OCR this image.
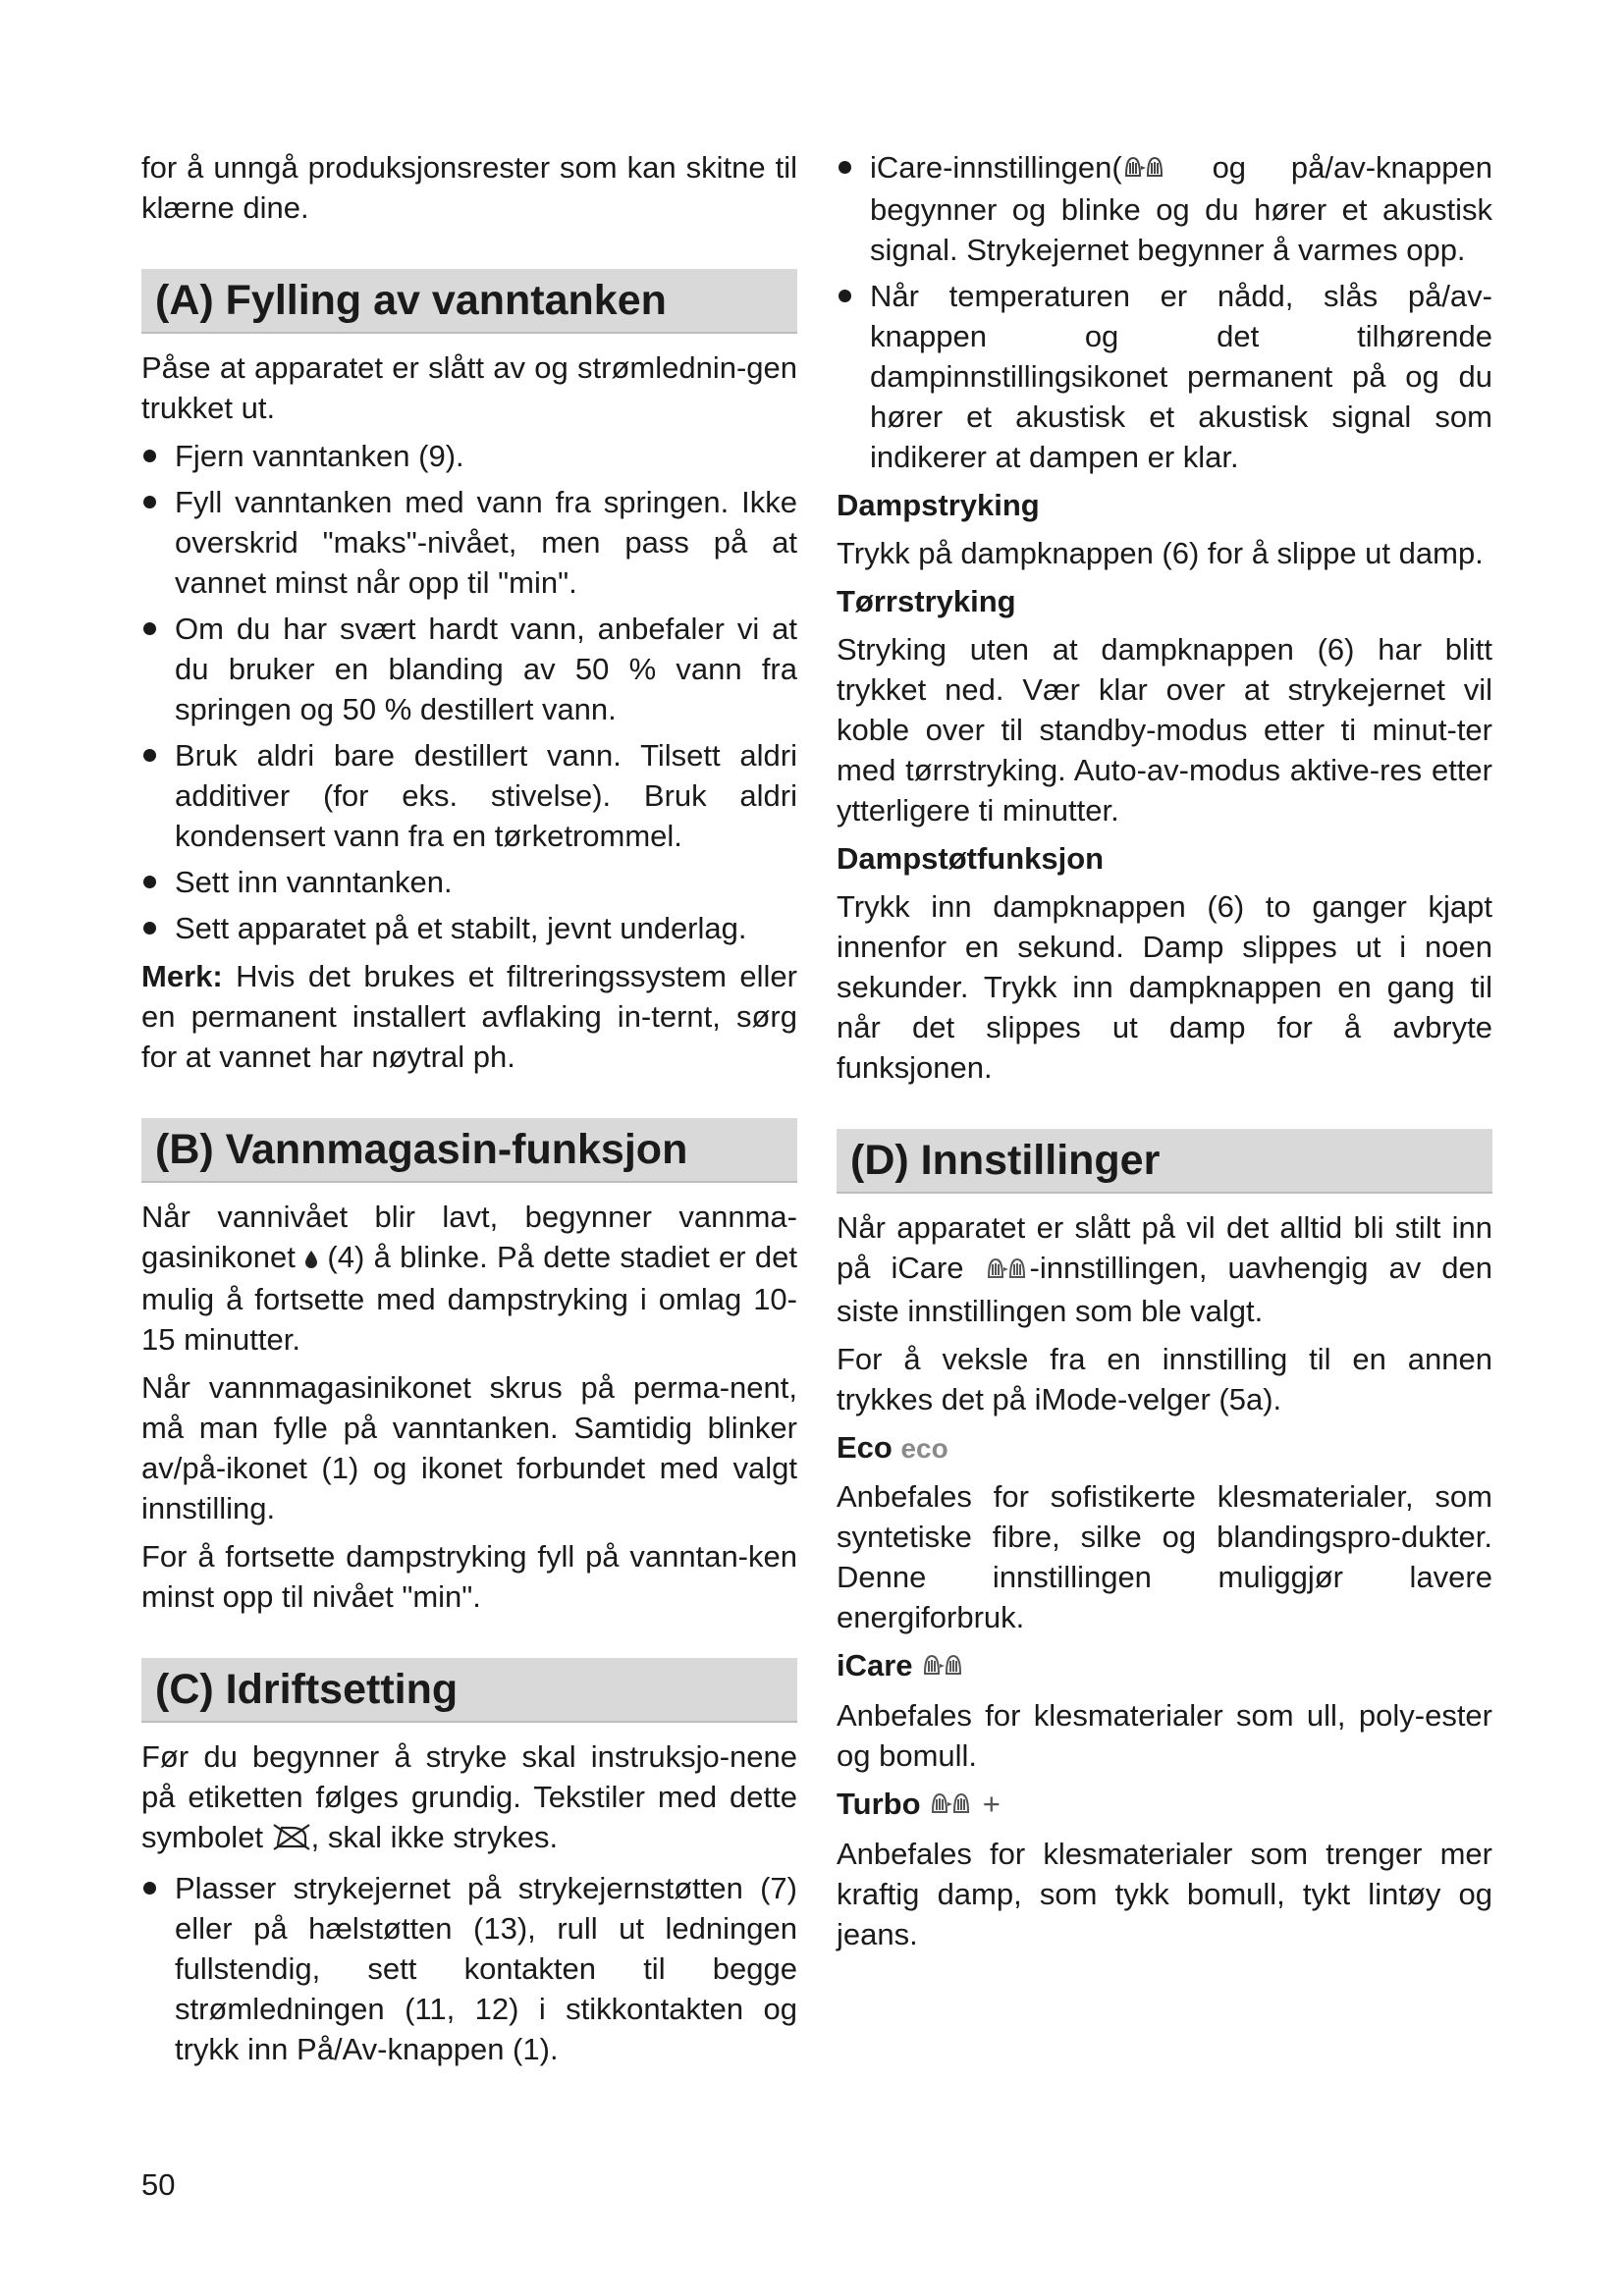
for å unngå produksjonsrester som kan skitne til klærne dine.

(A) Fylling av vanntanken

Påse at apparatet er slått av og strømlednin-gen trukket ut.

Fjern vanntanken (9).
Fyll vanntanken med vann fra springen. Ikke overskrid "maks"-nivået, men pass på at vannet minst når opp til "min".
Om du har svært hardt vann, anbefaler vi at du bruker en blanding av 50 % vann fra springen og 50 % destillert vann.
Bruk aldri bare destillert vann. Tilsett aldri additiver (for eks. stivelse). Bruk aldri kondensert vann fra en tørketrommel.
Sett inn vanntanken.
Sett apparatet på et stabilt, jevnt underlag.

Merk: Hvis det brukes et filtreringssystem eller en permanent installert avflaking in-ternt, sørg for at vannet har nøytral ph.

(B) Vannmagasin-funksjon

Når vannivået blir lavt, begynner vannma-gasinikonet  (4) å blinke. På dette stadiet er det mulig å fortsette med dampstryking i omlag 10-15 minutter.

Når vannmagasinikonet skrus på perma-nent, må man fylle på vanntanken. Samtidig blinker av/på-ikonet (1) og ikonet forbundet med valgt innstilling.

For å fortsette dampstryking fyll på vanntan-ken minst opp til nivået "min".

(C) Idriftsetting

Før du begynner å stryke skal instruksjo-nene på etiketten følges grundig. Tekstiler med dette symbolet , skal ikke strykes.

Plasser strykejernet på strykejernstøtten (7) eller på hælstøtten (13), rull ut ledningen fullstendig, sett kontakten til begge strømledningen (11, 12) i stikkontakten og trykk inn På/Av-knappen (1).
iCare-innstillingen( og på/av-knappen begynner og blinke og du hører et akustisk signal. Strykejernet begynner å varmes opp.
Når temperaturen er nådd, slås på/av-knappen og det tilhørende dampinnstillingsikonet permanent på og du hører et akustisk et akustisk signal som indikerer at dampen er klar.
Dampstryking

Trykk på dampknappen (6) for å slippe ut damp.

Tørrstryking

Stryking uten at dampknappen (6) har blitt trykket ned. Vær klar over at strykejernet vil koble over til standby-modus etter ti minut-ter med tørrstryking. Auto-av-modus aktive-res etter ytterligere ti minutter.

Dampstøtfunksjon

Trykk inn dampknappen (6) to ganger kjapt innenfor en sekund. Damp slippes ut i noen sekunder. Trykk inn dampknappen en gang til når det slippes ut damp for å avbryte funksjonen.

(D) Innstillinger

Når apparatet er slått på vil det alltid bli stilt inn på iCare -innstillingen, uavhengig av den siste innstillingen som ble valgt.

For å veksle fra en innstilling til en annen trykkes det på iMode-velger (5a).

Eco eco

Anbefales for sofistikerte klesmaterialer, som syntetiske fibre, silke og blandingspro-dukter. Denne innstillingen muliggjør lavere energiforbruk.

iCare

Anbefales for klesmaterialer som ull, poly-ester og bomull.

Turbo +

Anbefales for klesmaterialer som trenger mer kraftig damp, som tykk bomull, tykt lintøy og jeans.

50
